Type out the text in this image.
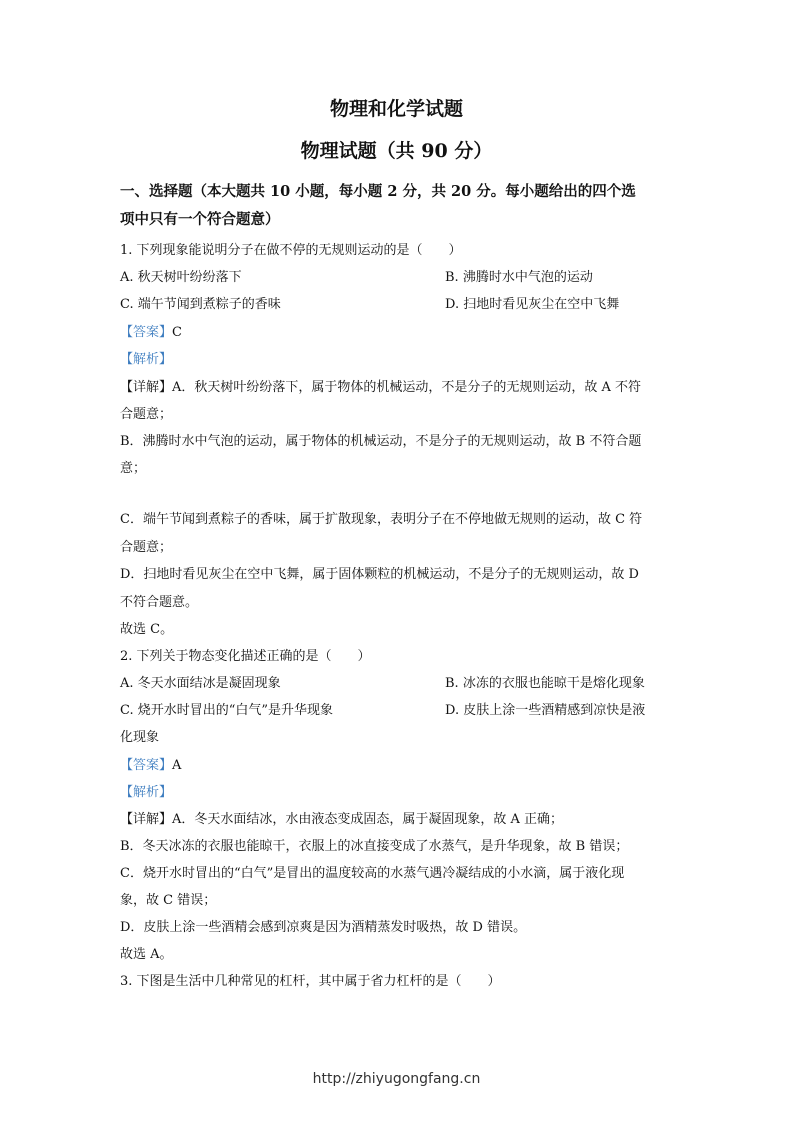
物理和化学试题
物理试题（共 90 分）
一、选择题（本大题共 10 小题，每小题 2 分，共 20 分。每小题给出的四个选
项中只有一个符合题意）
1. 下列现象能说明分子在做不停的无规则运动的是（　　）
A. 秋天树叶纷纷落下	B. 沸腾时水中气泡的运动
C. 端午节闻到煮粽子的香味	D. 扫地时看见灰尘在空中飞舞
【答案】C
【解析】
【详解】A．秋天树叶纷纷落下，属于物体的机械运动，不是分子的无规则运动，故 A 不符
合题意；
B．沸腾时水中气泡的运动，属于物体的机械运动，不是分子的无规则运动，故 B 不符合题
意；
C．端午节闻到煮粽子的香味，属于扩散现象，表明分子在不停地做无规则的运动，故 C 符
合题意；
D．扫地时看见灰尘在空中飞舞，属于固体颗粒的机械运动，不是分子的无规则运动，故 D
不符合题意。
故选 C。
2. 下列关于物态变化描述正确的是（　　）
A. 冬天水面结冰是凝固现象	B. 冰冻的衣服也能晾干是熔化现象
C. 烧开水时冒出的“白气”是升华现象	D. 皮肤上涂一些酒精感到凉快是液
化现象
【答案】A
【解析】
【详解】A．冬天水面结冰，水由液态变成固态，属于凝固现象，故 A 正确；
B．冬天冰冻的衣服也能晾干，衣服上的冰直接变成了水蒸气，是升华现象，故 B 错误；
C．烧开水时冒出的“白气”是冒出的温度较高的水蒸气遇冷凝结成的小水滴，属于液化现
象，故 C 错误；
D．皮肤上涂一些酒精会感到凉爽是因为酒精蒸发时吸热，故 D 错误。
故选 A。
3. 下图是生活中几种常见的杠杆，其中属于省力杠杆的是（　　）
http://zhiyugongfang.cn
